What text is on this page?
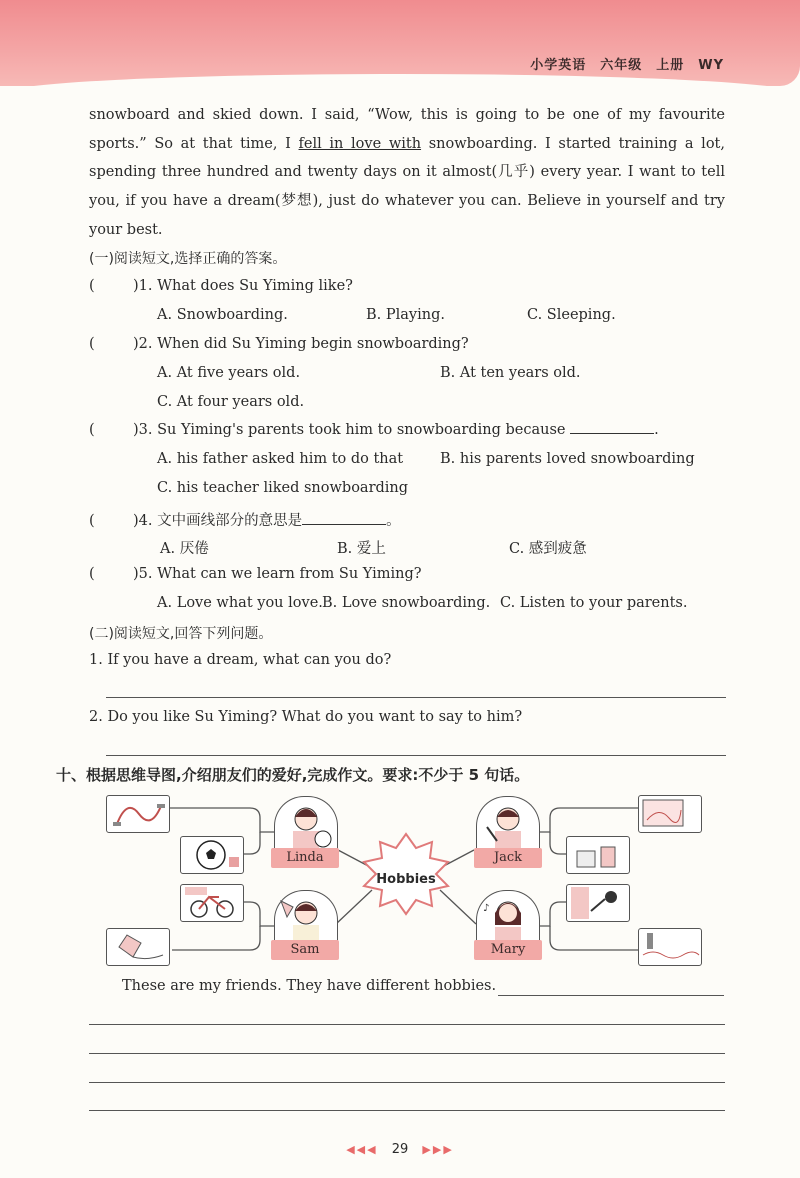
小学英语 六年级 上册 WY
snowboard and skied down. I said, “Wow, this is going to be one of my favourite sports.” So at that time, I fell in love with snowboarding. I started training a lot, spending three hundred and twenty days on it almost(几乎) every year. I want to tell you, if you have a dream(梦想), just do whatever you can. Believe in yourself and try your best.
(一)阅读短文,选择正确的答案。
(	)1. What does Su Yiming like?
A. Snowboarding.	B. Playing.	C. Sleeping.
(	)2. When did Su Yiming begin snowboarding?
A. At five years old.	B. At ten years old.
C. At four years old.
(	)3. Su Yiming's parents took him to snowboarding because	.
A. his father asked him to do that	B. his parents loved snowboarding
C. his teacher liked snowboarding
(	)4. 文中画线部分的意思是	。
A. 厌倦	B. 爱上	C. 感到疲惫
(	)5. What can we learn from Su Yiming?
A. Love what you love. B. Love snowboarding. C. Listen to your parents.
(二)阅读短文,回答下列问题。
1. If you have a dream, what can you do?
2. Do you like Su Yiming? What do you want to say to him?
十、根据思维导图,介绍朋友们的爱好,完成作文。要求:不少于 5 句话。
Hobbies
Linda	Jack
Sam
♪
Mary
These are my friends. They have different hobbies.
◀◀◀ 29 ▶▶▶
